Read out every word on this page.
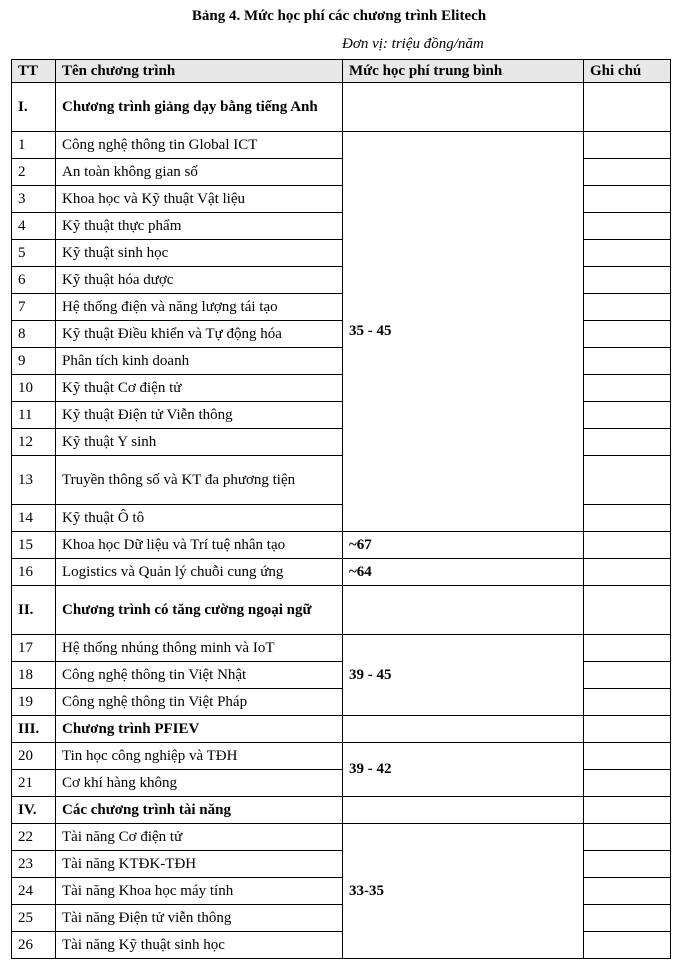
Bảng 4. Mức học phí các chương trình Elitech
Đơn vị: triệu đồng/năm
TT	Tên chương trình	Mức học phí trung bình	Ghi chú
I.	Chương trình giảng dạy bằng tiếng Anh		
1	Công nghệ thông tin Global ICT	35 - 45	
2	An toàn không gian số		
3	Khoa học và Kỹ thuật Vật liệu		
4	Kỹ thuật thực phẩm		
5	Kỹ thuật sinh học		
6	Kỹ thuật hóa dược		
7	Hệ thống điện và năng lượng tái tạo		
8	Kỹ thuật Điều khiển và Tự động hóa		
9	Phân tích kinh doanh		
10	Kỹ thuật Cơ điện tử		
11	Kỹ thuật Điện tử Viễn thông		
12	Kỹ thuật Y sinh		
13	Truyền thông số và KT đa phương tiện		
14	Kỹ thuật Ô tô		
15	Khoa học Dữ liệu và Trí tuệ nhân tạo	~67	
16	Logistics và Quản lý chuỗi cung ứng	~64	
II.	Chương trình có tăng cường ngoại ngữ		
17	Hệ thống nhúng thông minh và IoT	39 - 45	
18	Công nghệ thông tin Việt Nhật		
19	Công nghệ thông tin Việt Pháp		
III.	Chương trình PFIEV		
20	Tin học công nghiệp và TĐH	39 - 42	
21	Cơ khí hàng không		
IV.	Các chương trình tài năng		
22	Tài năng Cơ điện tử	33-35	
23	Tài năng KTĐK-TĐH		
24	Tài năng Khoa học máy tính		
25	Tài năng Điện tử viễn thông		
26	Tài năng Kỹ thuật sinh học		
